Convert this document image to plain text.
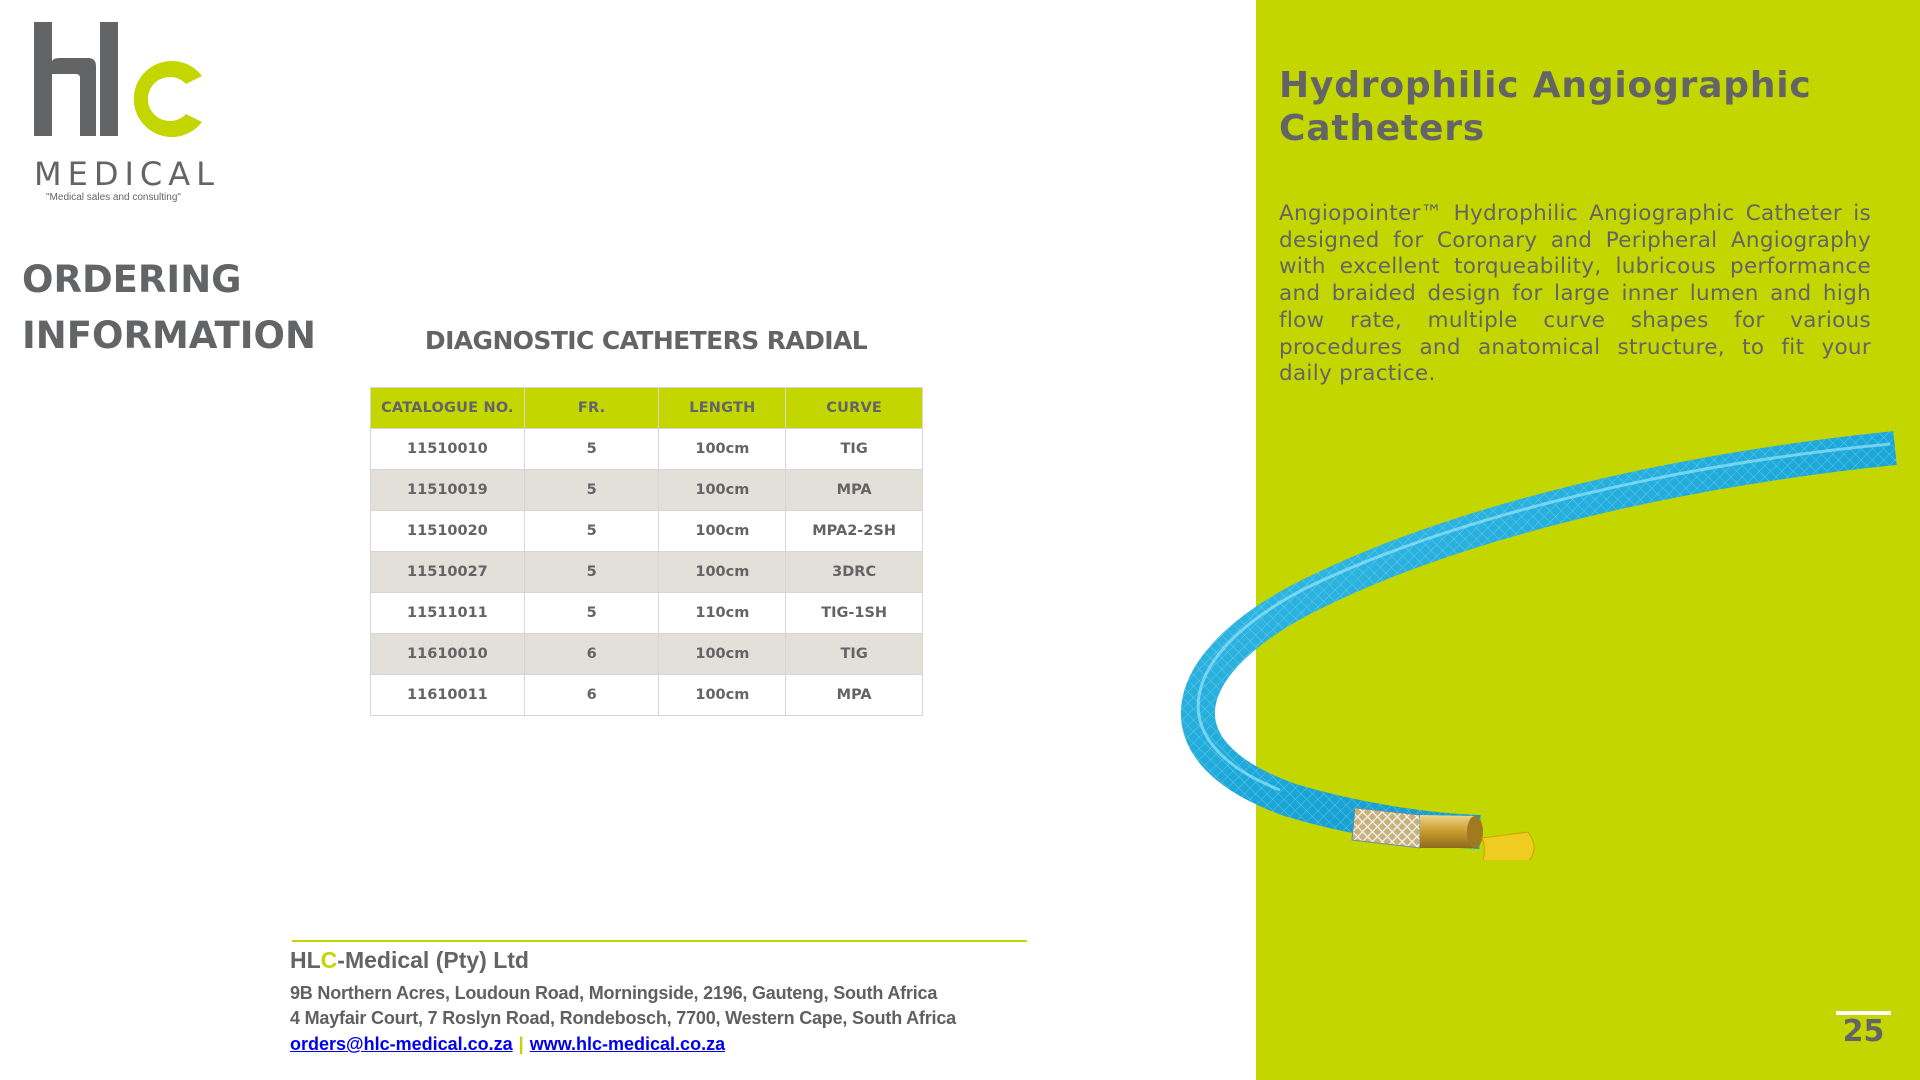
MEDICAL
"Medical sales and consulting"
ORDERING
INFORMATION	DIAGNOSTIC CATHETERS RADIAL
CATALOGUE NO.	FR.	LENGTH	CURVE
11510010	5	100cm	TIG
11510019	5	100cm	MPA
11510020	5	100cm	MPA2-2SH
11510027	5	100cm	3DRC
11511011	5	110cm	TIG-1SH
11610010	6	100cm	TIG
11610011	6	100cm	MPA
HLC-Medical (Pty) Ltd
9B Northern Acres, Loudoun Road, Morningside, 2196, Gauteng, South Africa
4 Mayfair Court, 7 Roslyn Road, Rondebosch, 7700, Western Cape, South Africa
orders@hlc-medical.co.za | www.hlc-medical.co.za
Hydrophilic Angiographic
Catheters
Angiopointer™ Hydrophilic Angiographic Catheter is designed for Coronary and Peripheral Angiography with excellent torqueability, lubricous performance and braided design for large inner lumen and high flow rate, multiple curve shapes for various procedures and anatomical structure, to fit your daily practice.
25
